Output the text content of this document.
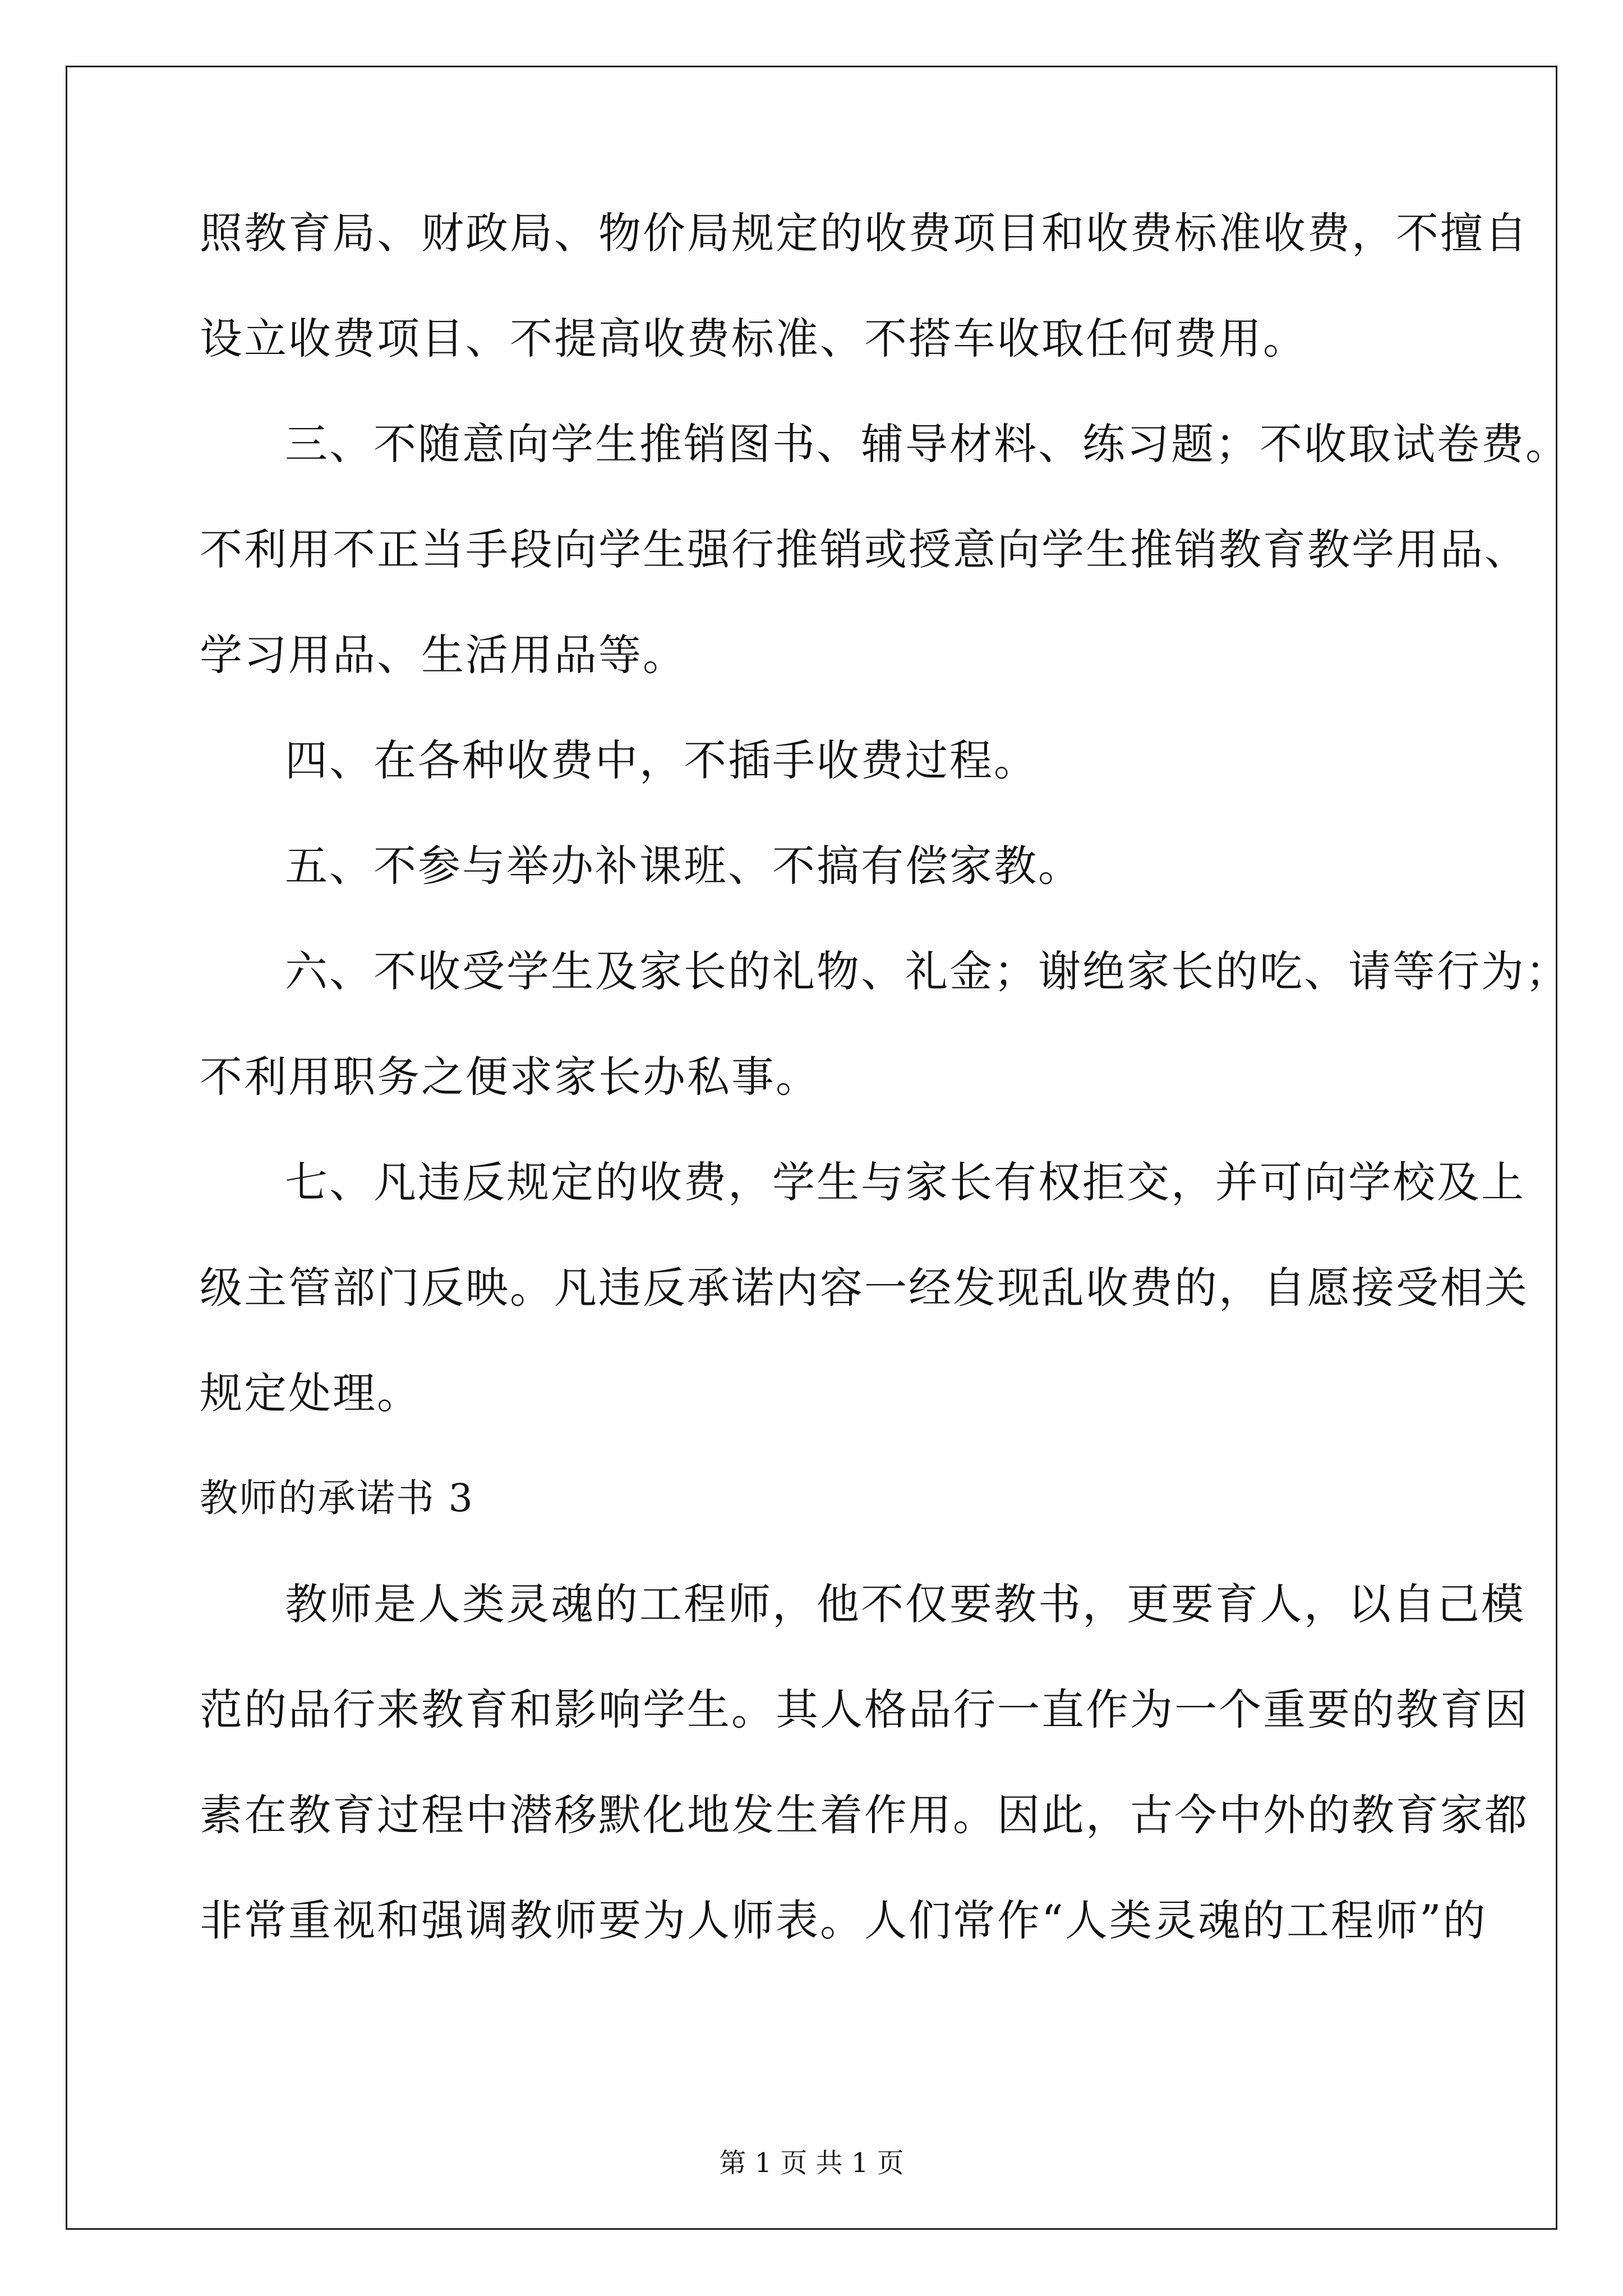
照教育局、财政局、物价局规定的收费项目和收费标准收费，不擅自
设立收费项目、不提高收费标准、不搭车收取任何费用。
三、不随意向学生推销图书、辅导材料、练习题；不收取试卷费。
不利用不正当手段向学生强行推销或授意向学生推销教育教学用品、
学习用品、生活用品等。
四、在各种收费中，不插手收费过程。
五、不参与举办补课班、不搞有偿家教。
六、不收受学生及家长的礼物、礼金；谢绝家长的吃、请等行为；
不利用职务之便求家长办私事。
七、凡违反规定的收费，学生与家长有权拒交，并可向学校及上
级主管部门反映。凡违反承诺内容一经发现乱收费的，自愿接受相关
规定处理。
教师的承诺书 3
教师是人类灵魂的工程师，他不仅要教书，更要育人，以自己模
范的品行来教育和影响学生。其人格品行一直作为一个重要的教育因
素在教育过程中潜移默化地发生着作用。因此，古今中外的教育家都
非常重视和强调教师要为人师表。人们常作“人类灵魂的工程师”的
第 1 页 共 1 页
